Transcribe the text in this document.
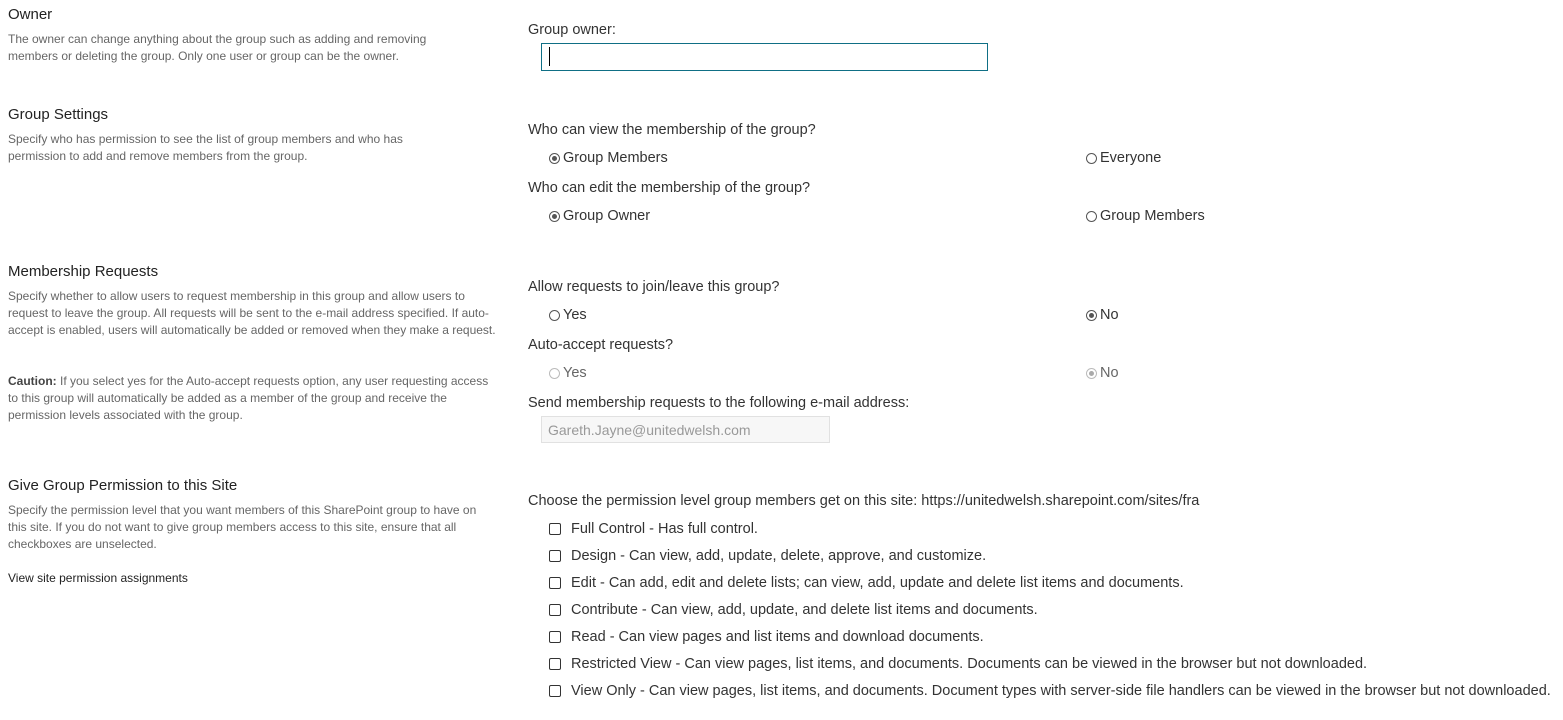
Owner
The owner can change anything about the group such as adding and removing members or deleting the group. Only one user or group can be the owner.
Group owner:
Group Settings
Specify who has permission to see the list of group members and who has permission to add and remove members from the group.
Who can view the membership of the group?
Group Members	Everyone
Who can edit the membership of the group?
Group Owner	Group Members
Membership Requests
Specify whether to allow users to request membership in this group and allow users to request to leave the group. All requests will be sent to the e-mail address specified. If auto-accept is enabled, users will automatically be added or removed when they make a request.
Caution: If you select yes for the Auto-accept requests option, any user requesting access to this group will automatically be added as a member of the group and receive the permission levels associated with the group.
Allow requests to join/leave this group?
Yes	No
Auto-accept requests?
Yes	No
Send membership requests to the following e-mail address:
Gareth.Jayne@unitedwelsh.com
Give Group Permission to this Site
Specify the permission level that you want members of this SharePoint group to have on this site. If you do not want to give group members access to this site, ensure that all checkboxes are unselected.
View site permission assignments
Choose the permission level group members get on this site: https://unitedwelsh.sharepoint.com/sites/fra
Full Control - Has full control.
Design - Can view, add, update, delete, approve, and customize.
Edit - Can add, edit and delete lists; can view, add, update and delete list items and documents.
Contribute - Can view, add, update, and delete list items and documents.
Read - Can view pages and list items and download documents.
Restricted View - Can view pages, list items, and documents. Documents can be viewed in the browser but not downloaded.
View Only - Can view pages, list items, and documents. Document types with server-side file handlers can be viewed in the browser but not downloaded.
